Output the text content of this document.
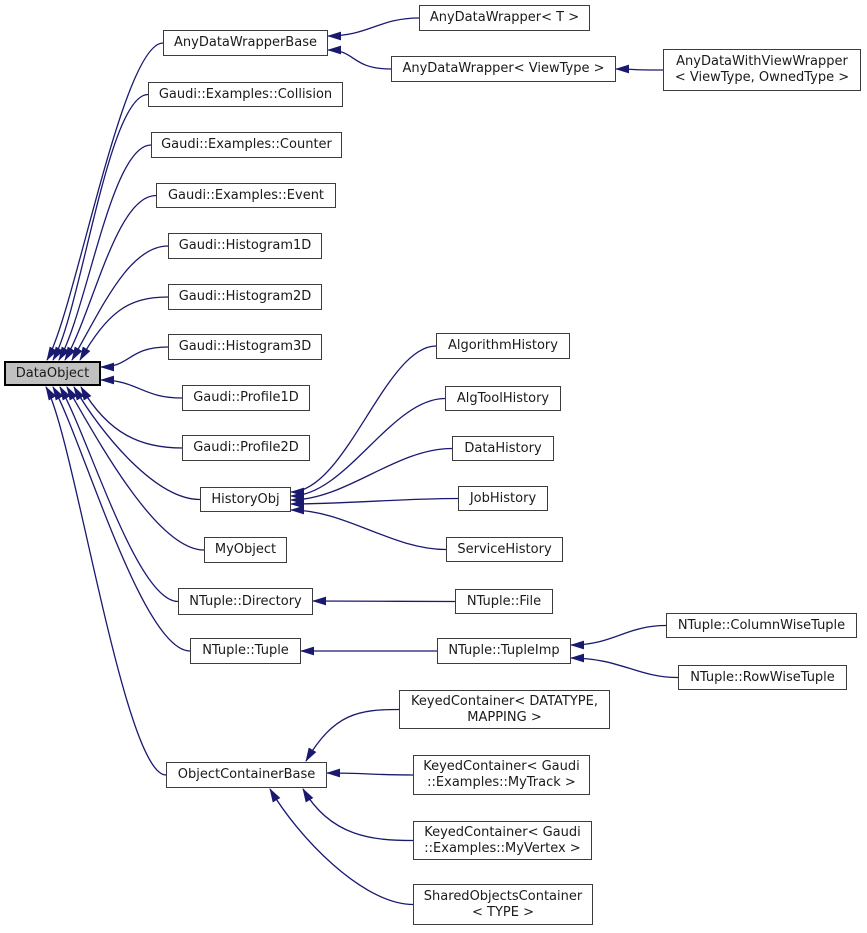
DataObject
AnyDataWrapperBase
AnyDataWrapper< T >
AnyDataWrapper< ViewType >	AnyDataWithViewWrapper
< ViewType, OwnedType >
Gaudi::Examples::Collision
Gaudi::Examples::Counter
Gaudi::Examples::Event
Gaudi::Histogram1D
Gaudi::Histogram2D
Gaudi::Histogram3D
Gaudi::Profile1D
Gaudi::Profile2D
HistoryObj
MyObject
NTuple::Directory
NTuple::Tuple
ObjectContainerBase
AlgorithmHistory
AlgToolHistory
DataHistory
JobHistory
ServiceHistory
NTuple::File
NTuple::TupleImp
NTuple::ColumnWiseTuple
NTuple::RowWiseTuple
KeyedContainer< DATATYPE,
MAPPING >
KeyedContainer< Gaudi
::Examples::MyTrack >
KeyedContainer< Gaudi
::Examples::MyVertex >
SharedObjectsContainer
< TYPE >
